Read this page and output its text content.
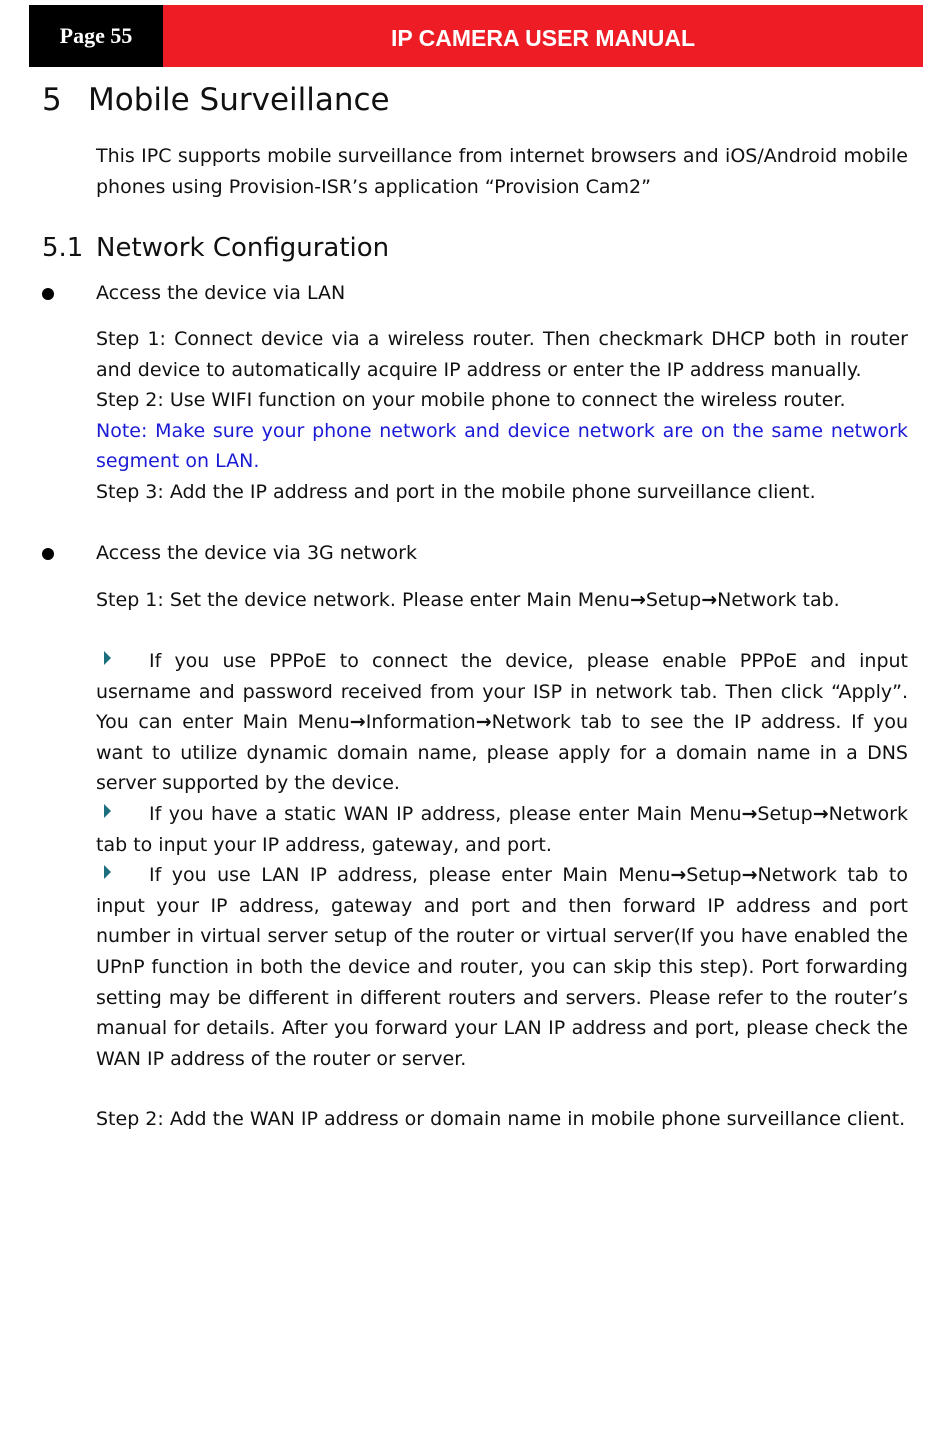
Page 55	IP CAMERA USER MANUAL
5 Mobile Surveillance
This IPC supports mobile surveillance from internet browsers and iOS/Android mobile phones using Provision-ISR’s application “Provision Cam2”
5.1 Network Configuration
Access the device via LAN
Step 1: Connect device via a wireless router. Then checkmark DHCP both in router and device to automatically acquire IP address or enter the IP address manually.
Step 2: Use WIFI function on your mobile phone to connect the wireless router.
Note: Make sure your phone network and device network are on the same network segment on LAN.
Step 3: Add the IP address and port in the mobile phone surveillance client.
Access the device via 3G network
Step 1: Set the device network. Please enter Main Menu→Setup→Network tab.
If you use PPPoE to connect the device, please enable PPPoE and input username and password received from your ISP in network tab. Then click “Apply”. You can enter Main Menu→Information→Network tab to see the IP address. If you want to utilize dynamic domain name, please apply for a domain name in a DNS server supported by the device.
If you have a static WAN IP address, please enter Main Menu→Setup→Network tab to input your IP address, gateway, and port.
If you use LAN IP address, please enter Main Menu→Setup→Network tab to input your IP address, gateway and port and then forward IP address and port number in virtual server setup of the router or virtual server(If you have enabled the UPnP function in both the device and router, you can skip this step). Port forwarding setting may be different in different routers and servers. Please refer to the router’s manual for details. After you forward your LAN IP address and port, please check the WAN IP address of the router or server.
Step 2: Add the WAN IP address or domain name in mobile phone surveillance client.
